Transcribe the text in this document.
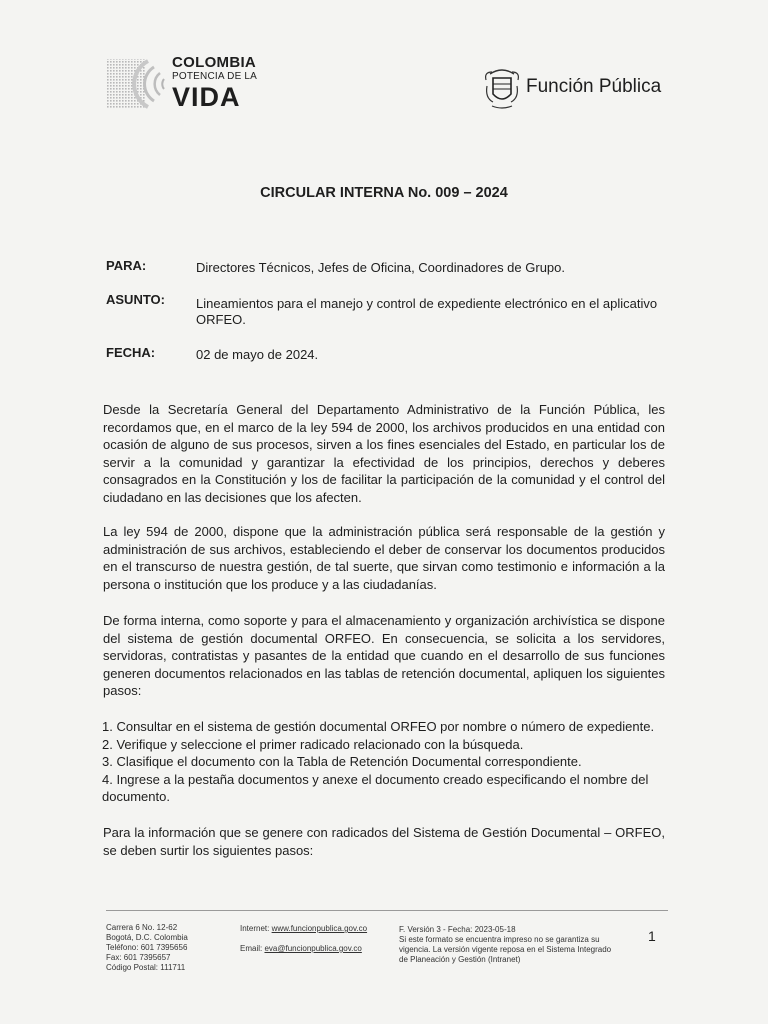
COLOMBIA
POTENCIA DE LA
VIDA	Función Pública
CIRCULAR INTERNA No. 009 – 2024
PARA:	Directores Técnicos, Jefes de Oficina, Coordinadores de Grupo.
ASUNTO: Lineamientos para el manejo y control de expediente electrónico en el aplicativo ORFEO.
FECHA:	02 de mayo de 2024.
Desde la Secretaría General del Departamento Administrativo de la Función Pública, les recordamos que, en el marco de la ley 594 de 2000, los archivos producidos en una entidad con ocasión de alguno de sus procesos, sirven a los fines esenciales del Estado, en particular los de servir a la comunidad y garantizar la efectividad de los principios, derechos y deberes consagrados en la Constitución y los de facilitar la participación de la comunidad y el control del ciudadano en las decisiones que los afecten.
La ley 594 de 2000, dispone que la administración pública será responsable de la gestión y administración de sus archivos, estableciendo el deber de conservar los documentos producidos en el transcurso de nuestra gestión, de tal suerte, que sirvan como testimonio e información a la persona o institución que los produce y a las ciudadanías.
De forma interna, como soporte y para el almacenamiento y organización archivística se dispone del sistema de gestión documental ORFEO. En consecuencia, se solicita a los servidores, servidoras, contratistas y pasantes de la entidad que cuando en el desarrollo de sus funciones generen documentos relacionados en las tablas de retención documental, apliquen los siguientes pasos:
1. Consultar en el sistema de gestión documental ORFEO por nombre o número de expediente.
2. Verifique y seleccione el primer radicado relacionado con la búsqueda.
3. Clasifique el documento con la Tabla de Retención Documental correspondiente.
4. Ingrese a la pestaña documentos y anexe el documento creado especificando el nombre del documento.
Para la información que se genere con radicados del Sistema de Gestión Documental – ORFEO, se deben surtir los siguientes pasos:
Carrera 6 No. 12-62
Bogotá, D.C. Colombia
Teléfono: 601 7395656
Fax: 601 7395657
Código Postal: 111711
Internet: www.funcionpublica.gov.co
Email: eva@funcionpublica.gov.co
F. Versión 3 - Fecha: 2023-05-18
Si este formato se encuentra impreso no se garantiza su
vigencia. La versión vigente reposa en el Sistema Integrado
de Planeación y Gestión (Intranet)
1
